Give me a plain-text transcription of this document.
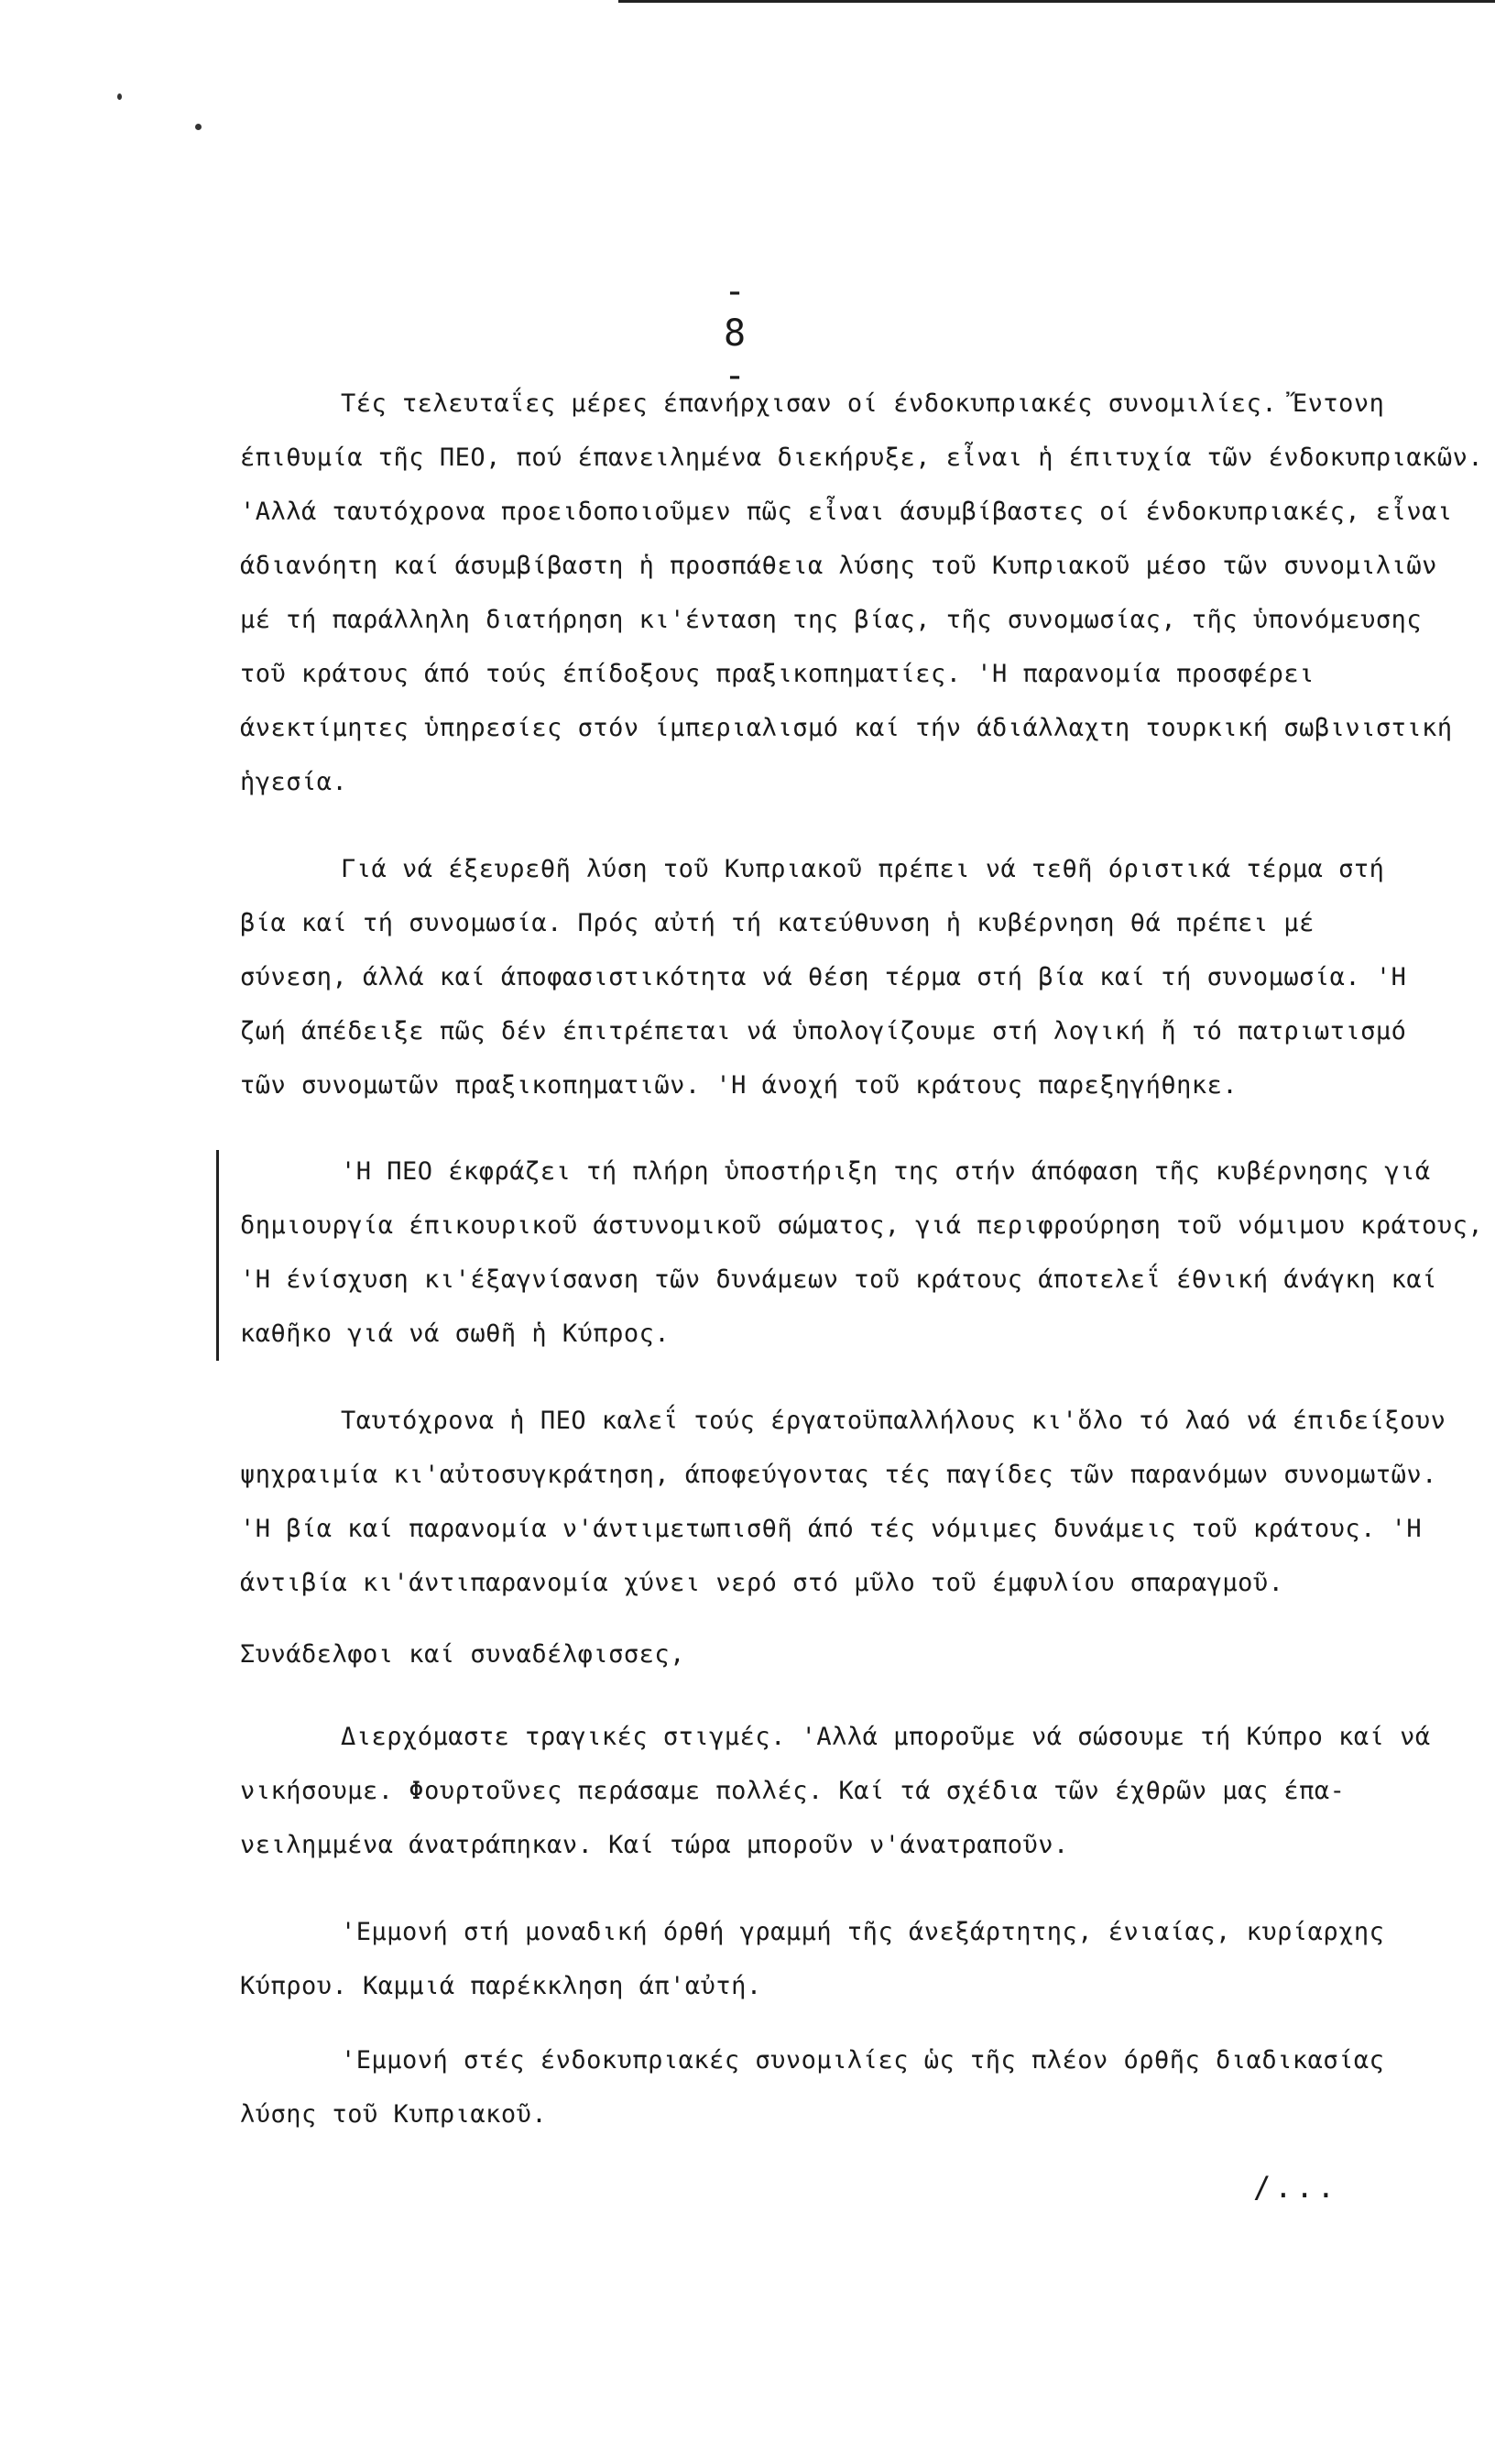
- 8 -
Τές τελευταΐες μέρες έπανήρχισαν οί ένδοκυπριακές συνομιλίες. Ἔντονη
έπιθυμία τῆς ΠΕΟ, πού έπανειλημένα διεκήρυξε, εἶναι ἡ έπιτυχία τῶν ένδοκυπριακῶν.
'Αλλά ταυτόχρονα προειδοποιοῦμεν πῶς εἶναι άσυμβίβαστες οί ένδοκυπριακές, εἶναι
άδιανόητη καί άσυμβίβαστη ἡ προσπάθεια λύσης τοῦ Κυπριακοῦ μέσο τῶν συνομιλιῶν
μέ τή παράλληλη διατήρηση κι'ένταση της βίας, τῆς συνομωσίας, τῆς ὑπονόμευσης
τοῦ κράτους άπό τούς έπίδοξους πραξικοπηματίες. 'Η παρανομία προσφέρει
άνεκτίμητες ὑπηρεσίες στόν ίμπεριαλισμό καί τήν άδιάλλαχτη τουρκική σωβινιστική
ἡγεσία.
Γιά νά έξευρεθῆ λύση τοῦ Κυπριακοῦ πρέπει νά τεθῆ όριστικά τέρμα στή
βία καί τή συνομωσία. Πρός αὐτή τή κατεύθυνση ἡ κυβέρνηση θά πρέπει μέ
σύνεση, άλλά καί άποφασιστικότητα νά θέση τέρμα στή βία καί τή συνομωσία. 'Η
ζωή άπέδειξε πῶς δέν έπιτρέπεται νά ὑπολογίζουμε στή λογική ἤ τό πατριωτισμό
τῶν συνομωτῶν πραξικοπηματιῶν. 'Η άνοχή τοῦ κράτους παρεξηγήθηκε.
'Η ΠΕΟ έκφράζει τή πλήρη ὑποστήριξη της στήν άπόφαση τῆς κυβέρνησης γιά
δημιουργία έπικουρικοῦ άστυνομικοῦ σώματος, γιά περιφρούρηση τοῦ νόμιμου κράτους,
'Η ένίσχυση κι'έξαγνίσανση τῶν δυνάμεων τοῦ κράτους άποτελεΐ έθνική άνάγκη καί
καθῆκο γιά νά σωθῆ ἡ Κύπρος.
Ταυτόχρονα ἡ ΠΕΟ καλεΐ τούς έργατοϋπαλλήλους κι'ὅλο τό λαό νά έπιδείξουν
ψηχραιμία κι'αὐτοσυγκράτηση, άποφεύγοντας τές παγίδες τῶν παρανόμων συνομωτῶν.
'Η βία καί παρανομία ν'άντιμετωπισθῆ άπό τές νόμιμες δυνάμεις τοῦ κράτους. 'Η
άντιβία κι'άντιπαρανομία χύνει νερό στό μῦλο τοῦ έμφυλίου σπαραγμοῦ.
Συνάδελφοι καί συναδέλφισσες,
Διερχόμαστε τραγικές στιγμές. 'Αλλά μποροῦμε νά σώσουμε τή Κύπρο καί νά
νικήσουμε. Φουρτοῦνες περάσαμε πολλές. Καί τά σχέδια τῶν έχθρῶν μας έπα-
νειλημμένα άνατράπηκαν. Καί τώρα μποροῦν ν'άνατραποῦν.
'Εμμονή στή μοναδική όρθή γραμμή τῆς άνεξάρτητης, ένιαίας, κυρίαρχης
Κύπρου. Καμμιά παρέκκληση άπ'αὐτή.
'Εμμονή στές ένδοκυπριακές συνομιλίες ὡς τῆς πλέον όρθῆς διαδικασίας
λύσης τοῦ Κυπριακοῦ.
/...
